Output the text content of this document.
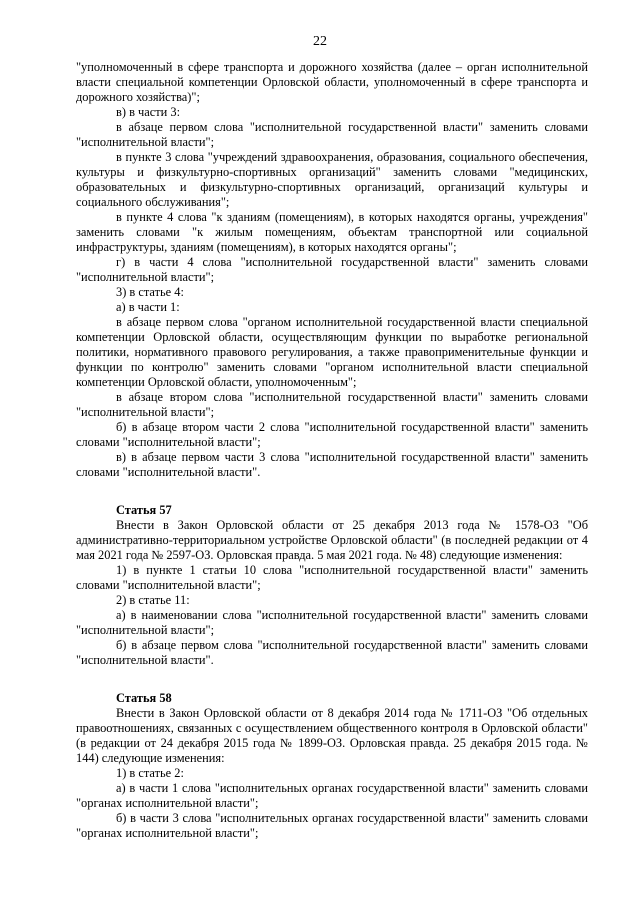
22

"уполномоченный в сфере транспорта и дорожного хозяйства (далее – орган исполнительной власти специальной компетенции Орловской области, уполномоченный в сфере транспорта и дорожного хозяйства)";

в) в части 3:

в абзаце первом слова "исполнительной государственной власти" заменить словами "исполнительной власти";

в пункте 3 слова "учреждений здравоохранения, образования, социального обеспечения, культуры и физкультурно-спортивных организаций" заменить словами "медицинских, образовательных и физкультурно-спортивных организаций, организаций культуры и социального обслуживания";

в пункте 4 слова "к зданиям (помещениям), в которых находятся органы, учреждения" заменить словами "к жилым помещениям, объектам транспортной или социальной инфраструктуры, зданиям (помещениям), в которых находятся органы";

г) в части 4 слова "исполнительной государственной власти" заменить словами "исполнительной власти";

3) в статье 4:

а) в части 1:

в абзаце первом слова "органом исполнительной государственной власти специальной компетенции Орловской области, осуществляющим функции по выработке региональной политики, нормативного правового регулирования, а также правоприменительные функции и функции по контролю" заменить словами "органом исполнительной власти специальной компетенции Орловской области, уполномоченным";

в абзаце втором слова "исполнительной государственной власти" заменить словами "исполнительной власти";

б) в абзаце втором части 2 слова "исполнительной государственной власти" заменить словами "исполнительной власти";

в) в абзаце первом части 3 слова "исполнительной государственной власти" заменить словами "исполнительной власти".

Статья 57

Внести в Закон Орловской области от 25 декабря 2013 года № 1578-ОЗ "Об административно-территориальном устройстве Орловской области" (в последней редакции от 4 мая 2021 года № 2597-ОЗ. Орловская правда. 5 мая 2021 года. № 48) следующие изменения:

1) в пункте 1 статьи 10 слова "исполнительной государственной власти" заменить словами "исполнительной власти";

2) в статье 11:

а) в наименовании слова "исполнительной государственной власти" заменить словами "исполнительной власти";

б) в абзаце первом слова "исполнительной государственной власти" заменить словами "исполнительной власти".

Статья 58

Внести в Закон Орловской области от 8 декабря 2014 года № 1711-ОЗ "Об отдельных правоотношениях, связанных с осуществлением общественного контроля в Орловской области" (в редакции от 24 декабря 2015 года № 1899-ОЗ. Орловская правда. 25 декабря 2015 года. № 144) следующие изменения:

1) в статье 2:

а) в части 1 слова "исполнительных органах государственной власти" заменить словами "органах исполнительной власти";

б) в части 3 слова "исполнительных органах государственной власти" заменить словами "органах исполнительной власти";
